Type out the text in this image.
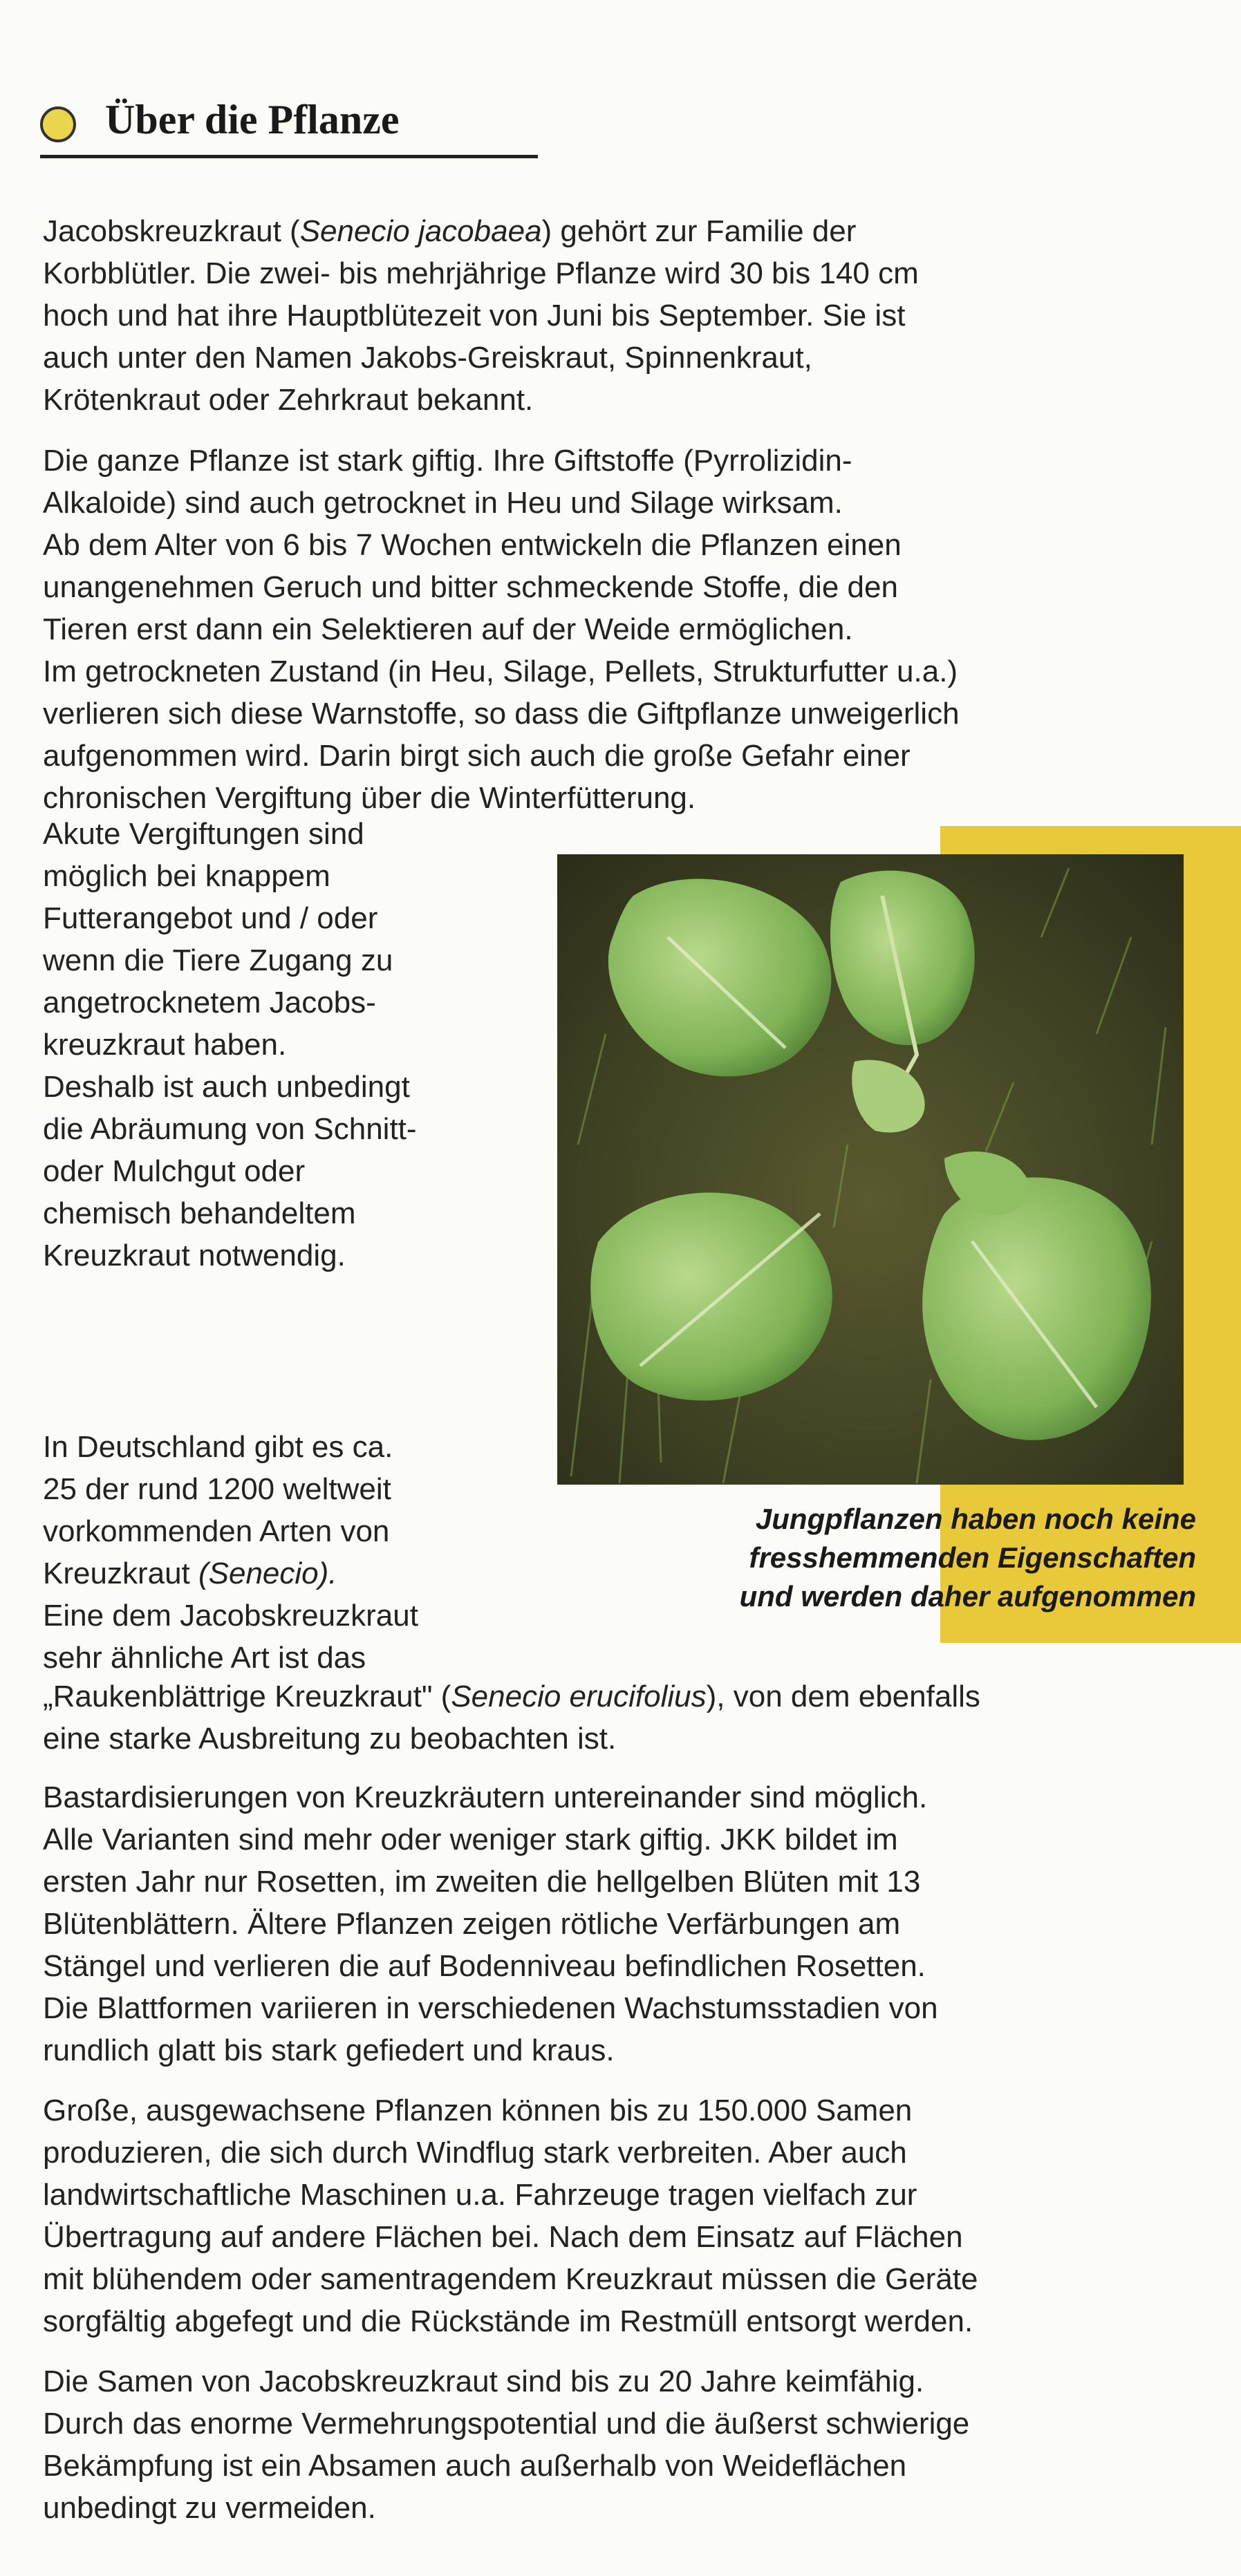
Über die Pflanze

Jacobskreuzkraut (Senecio jacobaea) gehört zur Familie der

Korbblütler. Die zwei- bis mehrjährige Pflanze wird 30 bis 140 cm

hoch und hat ihre Hauptblütezeit von Juni bis September. Sie ist

auch unter den Namen Jakobs-Greiskraut, Spinnenkraut,

Krötenkraut oder Zehrkraut bekannt.

Die ganze Pflanze ist stark giftig. Ihre Giftstoffe (Pyrrolizidin-

Alkaloide) sind auch getrocknet in Heu und Silage wirksam.

Ab dem Alter von 6 bis 7 Wochen entwickeln die Pflanzen einen

unangenehmen Geruch und bitter schmeckende Stoffe, die den

Tieren erst dann ein Selektieren auf der Weide ermöglichen.

Im getrockneten Zustand (in Heu, Silage, Pellets, Strukturfutter u.a.)

verlieren sich diese Warnstoffe, so dass die Giftpflanze unweigerlich

aufgenommen wird. Darin birgt sich auch die große Gefahr einer

chronischen Vergiftung über die Winterfütterung.

Akute Vergiftungen sind

möglich bei knappem

Futterangebot und / oder

wenn die Tiere Zugang zu

angetrocknetem Jacobs-

kreuzkraut haben.

Deshalb ist auch unbedingt

die Abräumung von Schnitt-

oder Mulchgut oder

chemisch behandeltem

Kreuzkraut notwendig.

Jungpflanzen haben noch keine
fresshemmenden Eigenschaften
und werden daher aufgenommen

In Deutschland gibt es ca.

25 der rund 1200 weltweit

vorkommenden Arten von

Kreuzkraut (Senecio).

Eine dem Jacobskreuzkraut

sehr ähnliche Art ist das

„Raukenblättrige Kreuzkraut" (Senecio erucifolius), von dem ebenfalls

eine starke Ausbreitung zu beobachten ist.

Bastardisierungen von Kreuzkräutern untereinander sind möglich.

Alle Varianten sind mehr oder weniger stark giftig. JKK bildet im

ersten Jahr nur Rosetten, im zweiten die hellgelben Blüten mit 13

Blütenblättern. Ältere Pflanzen zeigen rötliche Verfärbungen am

Stängel und verlieren die auf Bodenniveau befindlichen Rosetten.

Die Blattformen variieren in verschiedenen Wachstumsstadien von

rundlich glatt bis stark gefiedert und kraus.

Große, ausgewachsene Pflanzen können bis zu 150.000 Samen

produzieren, die sich durch Windflug stark verbreiten. Aber auch

landwirtschaftliche Maschinen u.a. Fahrzeuge tragen vielfach zur

Übertragung auf andere Flächen bei. Nach dem Einsatz auf Flächen

mit blühendem oder samentragendem Kreuzkraut müssen die Geräte

sorgfältig abgefegt und die Rückstände im Restmüll entsorgt werden.

Die Samen von Jacobskreuzkraut sind bis zu 20 Jahre keimfähig.

Durch das enorme Vermehrungspotential und die äußerst schwierige

Bekämpfung ist ein Absamen auch außerhalb von Weideflächen

unbedingt zu vermeiden.
